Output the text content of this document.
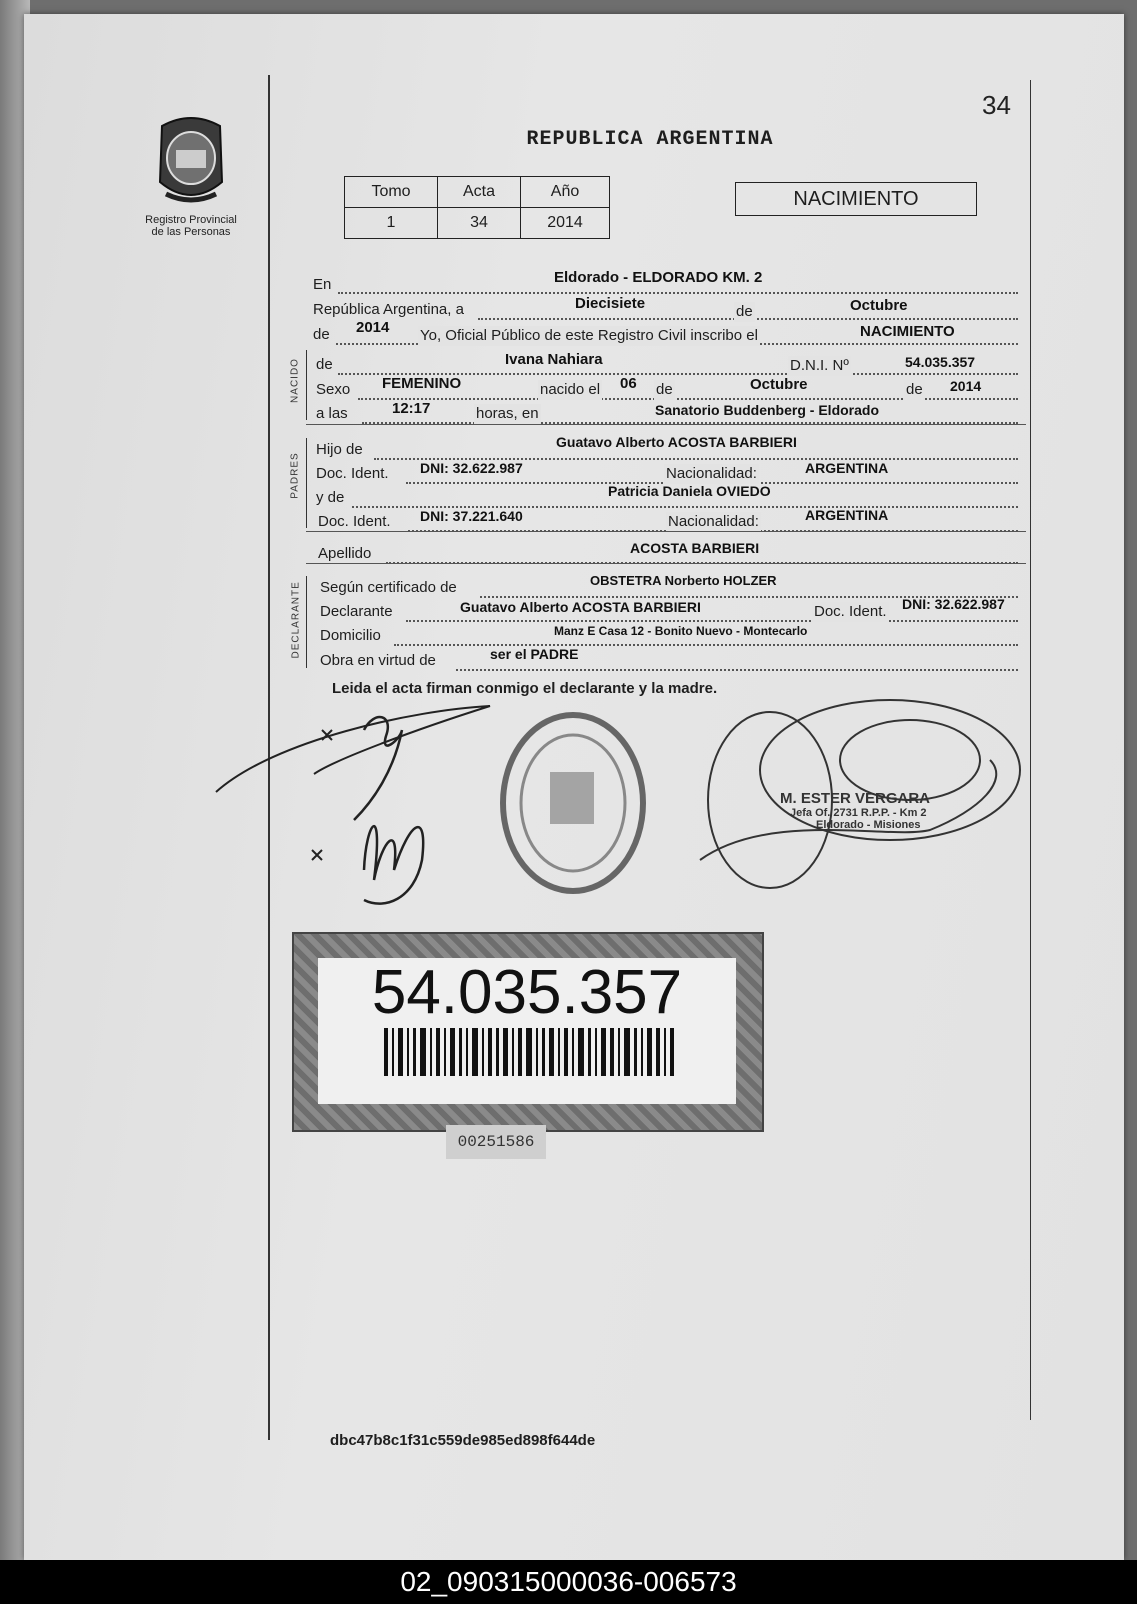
34
Registro Provincial
de las Personas
REPUBLICA ARGENTINA
Tomo	Acta	Año
1	34	2014
NACIMIENTO
En	Eldorado - ELDORADO KM. 2
República Argentina, a	Diecisiete	de	Octubre
de 2014 Yo, Oficial Público de este Registro Civil inscribo el	NACIMIENTO
NACIDO de	Ivana Nahiara	D.N.I. Nº	54.035.357
Sexo FEMENINO	nacido el 06 de	Octubre	de 2014
a las	12:17	horas, en	Sanatorio Buddenberg - Eldorado
PADRES
Hijo de	Guatavo Alberto ACOSTA BARBIERI
Doc. Ident. DNI: 32.622.987	Nacionalidad:	ARGENTINA
y de	Patricia Daniela OVIEDO
Doc. Ident. DNI: 37.221.640	Nacionalidad:	ARGENTINA
Apellido	ACOSTA BARBIERI
DECLARANTE Según certificado de	OBSTETRA Norberto HOLZER
Declarante	Guatavo Alberto ACOSTA BARBIERI	Doc. Ident. DNI: 32.622.987
Domicilio	Manz E Casa 12 - Bonito Nuevo - Montecarlo
Obra en virtud de	ser el PADRE
Leida el acta firman conmigo el declarante y la madre.
M. ESTER VERGARA
Jefa Of. 2731 R.P.P. - Km 2
Eldorado - Misiones
54.035.357
00251586
dbc47b8c1f31c559de985ed898f644de
02_090315000036-006573
